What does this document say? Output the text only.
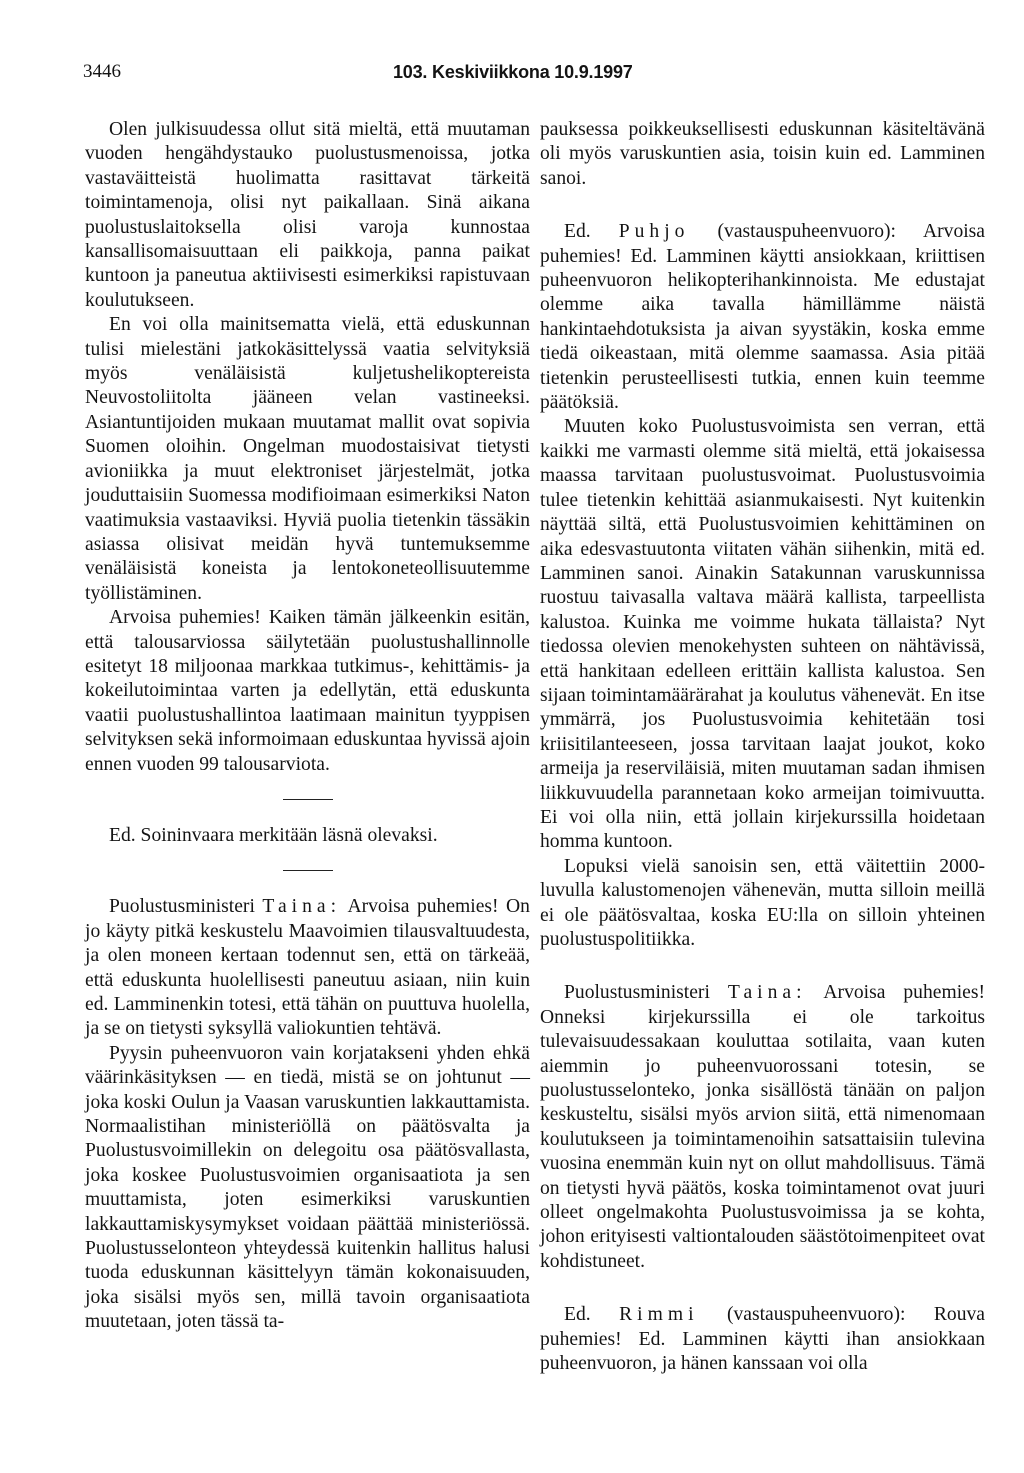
3446	103. Keskiviikkona 10.9.1997

Olen julkisuudessa ollut sitä mieltä, että muutaman vuoden hengähdystauko puolustusmenoissa, jotka vastaväitteistä huolimatta rasittavat tärkeitä toimintamenoja, olisi nyt paikallaan. Sinä aikana puolustuslaitoksella olisi varoja kunnostaa kansallisomaisuuttaan eli paikkoja, panna paikat kuntoon ja paneutua aktiivisesti esimerkiksi rapistuvaan koulutukseen.

En voi olla mainitsematta vielä, että eduskunnan tulisi mielestäni jatkokäsittelyssä vaatia selvityksiä myös venäläisistä kuljetushelikoptereista Neuvostoliitolta jääneen velan vastineeksi. Asiantuntijoiden mukaan muutamat mallit ovat sopivia Suomen oloihin. Ongelman muodostaisivat tietysti avioniikka ja muut elektroniset järjestelmät, jotka jouduttaisiin Suomessa modifioimaan esimerkiksi Naton vaatimuksia vastaaviksi. Hyviä puolia tietenkin tässäkin asiassa olisivat meidän hyvä tuntemuksemme venäläisistä koneista ja lentokoneteollisuutemme työllistäminen.

Arvoisa puhemies! Kaiken tämän jälkeenkin esitän, että talousarviossa säilytetään puolustushallinnolle esitetyt 18 miljoonaa markkaa tutkimus-, kehittämis- ja kokeilutoimintaa varten ja edellytän, että eduskunta vaatii puolustushallintoa laatimaan mainitun tyyppisen selvityksen sekä informoimaan eduskuntaa hyvissä ajoin ennen vuoden 99 talousarviota.

Ed. Soininvaara merkitään läsnä olevaksi.

Puolustusministeri Taina: Arvoisa puhemies! On jo käyty pitkä keskustelu Maavoimien tilausvaltuudesta, ja olen moneen kertaan todennut sen, että on tärkeää, että eduskunta huolellisesti paneutuu asiaan, niin kuin ed. Lamminenkin totesi, että tähän on puuttuva huolella, ja se on tietysti syksyllä valiokuntien tehtävä.

Pyysin puheenvuoron vain korjatakseni yhden ehkä väärinkäsityksen — en tiedä, mistä se on johtunut — joka koski Oulun ja Vaasan varuskuntien lakkauttamista. Normaalistihan ministeriöllä on päätösvalta ja Puolustusvoimillekin on delegoitu osa päätösvallasta, joka koskee Puolustusvoimien organisaatiota ja sen muuttamista, joten esimerkiksi varuskuntien lakkauttamiskysymykset voidaan päättää ministeriössä. Puolustusselonteon yhteydessä kuitenkin hallitus halusi tuoda eduskunnan käsittelyyn tämän kokonaisuuden, joka sisälsi myös sen, millä tavoin organisaatiota muutetaan, joten tässä ta-

pauksessa poikkeuksellisesti eduskunnan käsiteltävänä oli myös varuskuntien asia, toisin kuin ed. Lamminen sanoi.

Ed. Puhjo (vastauspuheenvuoro): Arvoisa puhemies! Ed. Lamminen käytti ansiokkaan, kriittisen puheenvuoron helikopterihankinnoista. Me edustajat olemme aika tavalla hämillämme näistä hankintaehdotuksista ja aivan syystäkin, koska emme tiedä oikeastaan, mitä olemme saamassa. Asia pitää tietenkin perusteellisesti tutkia, ennen kuin teemme päätöksiä.

Muuten koko Puolustusvoimista sen verran, että kaikki me varmasti olemme sitä mieltä, että jokaisessa maassa tarvitaan puolustusvoimat. Puolustusvoimia tulee tietenkin kehittää asianmukaisesti. Nyt kuitenkin näyttää siltä, että Puolustusvoimien kehittäminen on aika edesvastuutonta viitaten vähän siihenkin, mitä ed. Lamminen sanoi. Ainakin Satakunnan varuskunnissa ruostuu taivasalla valtava määrä kallista, tarpeellista kalustoa. Kuinka me voimme hukata tällaista? Nyt tiedossa olevien menokehysten suhteen on nähtävissä, että hankitaan edelleen erittäin kallista kalustoa. Sen sijaan toimintamäärärahat ja koulutus vähenevät. En itse ymmärrä, jos Puolustusvoimia kehitetään tosi kriisitilanteeseen, jossa tarvitaan laajat joukot, koko armeija ja reserviläisiä, miten muutaman sadan ihmisen liikkuvuudella parannetaan koko armeijan toimivuutta. Ei voi olla niin, että jollain kirjekurssilla hoidetaan homma kuntoon.

Lopuksi vielä sanoisin sen, että väitettiin 2000-luvulla kalustomenojen vähenevän, mutta silloin meillä ei ole päätösvaltaa, koska EU:lla on silloin yhteinen puolustuspolitiikka.

Puolustusministeri Taina: Arvoisa puhemies! Onneksi kirjekurssilla ei ole tarkoitus tulevaisuudessakaan kouluttaa sotilaita, vaan kuten aiemmin jo puheenvuorossani totesin, se puolustusselonteko, jonka sisällöstä tänään on paljon keskusteltu, sisälsi myös arvion siitä, että nimenomaan koulutukseen ja toimintamenoihin satsattaisiin tulevina vuosina enemmän kuin nyt on ollut mahdollisuus. Tämä on tietysti hyvä päätös, koska toimintamenot ovat juuri olleet ongelmakohta Puolustusvoimissa ja se kohta, johon erityisesti valtiontalouden säästötoimenpiteet ovat kohdistuneet.

Ed. Rimmi (vastauspuheenvuoro): Rouva puhemies! Ed. Lamminen käytti ihan ansiokkaan puheenvuoron, ja hänen kanssaan voi olla
